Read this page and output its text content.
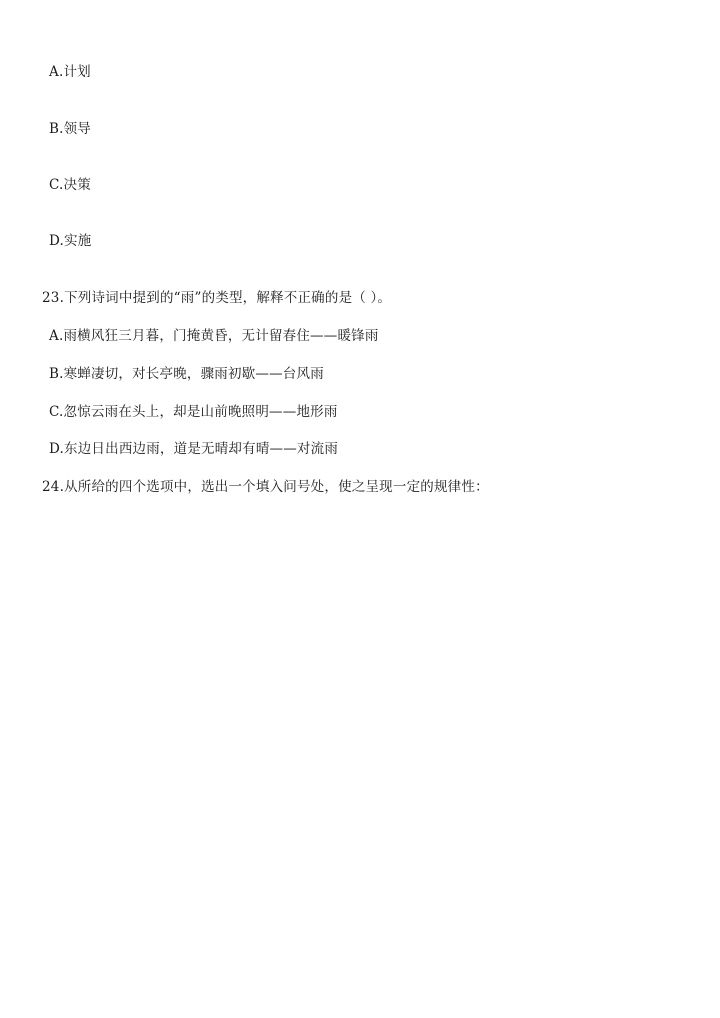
A.计划
B.领导
C.决策
D.实施
23.下列诗词中提到的“雨”的类型，解释不正确的是（ ）。
A.雨横风狂三月暮，门掩黄昏，无计留春住——暖锋雨
B.寒蝉凄切，对长亭晚，骤雨初歇——台风雨
C.忽惊云雨在头上，却是山前晚照明——地形雨
D.东边日出西边雨，道是无晴却有晴——对流雨
24.从所给的四个选项中，选出一个填入问号处，使之呈现一定的规律性：
